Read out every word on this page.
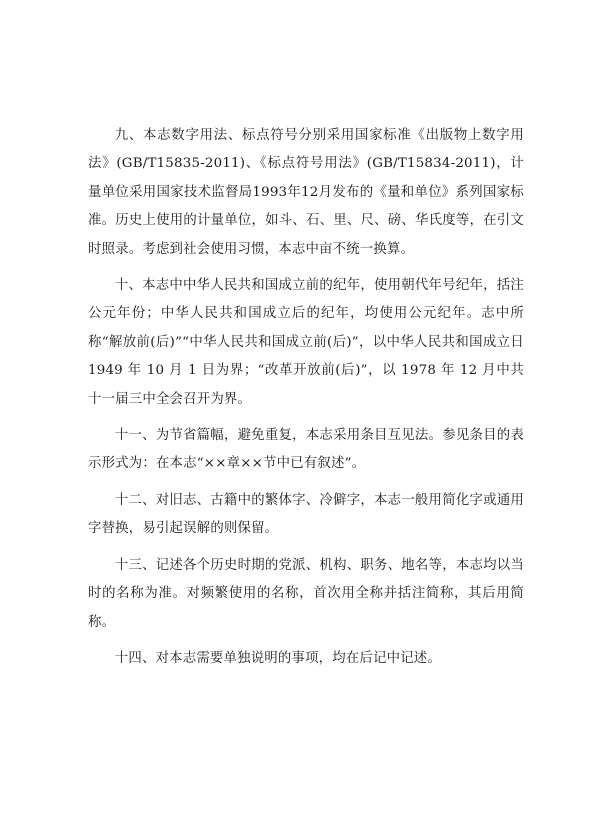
九、本志数字用法、标点符号分别采用国家标准《出版物上数字用法》(GB/T15835-2011)、《标点符号用法》(GB/T15834-2011)，计量单位采用国家技术监督局1993年12月发布的《量和单位》系列国家标准。历史上使用的计量单位，如斗、石、里、尺、磅、华氏度等，在引文时照录。考虑到社会使用习惯，本志中亩不统一换算。

十、本志中中华人民共和国成立前的纪年，使用朝代年号纪年，括注公元年份；中华人民共和国成立后的纪年，均使用公元纪年。志中所称“解放前(后)”“中华人民共和国成立前(后)”，以中华人民共和国成立日 1949 年 10 月 1 日为界；“改革开放前(后)”，以 1978 年 12 月中共十一届三中全会召开为界。

十一、为节省篇幅，避免重复，本志采用条目互见法。参见条目的表示形式为：在本志“××章××节中已有叙述”。

十二、对旧志、古籍中的繁体字、冷僻字，本志一般用简化字或通用字替换，易引起误解的则保留。

十三、记述各个历史时期的党派、机构、职务、地名等，本志均以当时的名称为准。对频繁使用的名称，首次用全称并括注简称，其后用简称。

十四、对本志需要单独说明的事项，均在后记中记述。
